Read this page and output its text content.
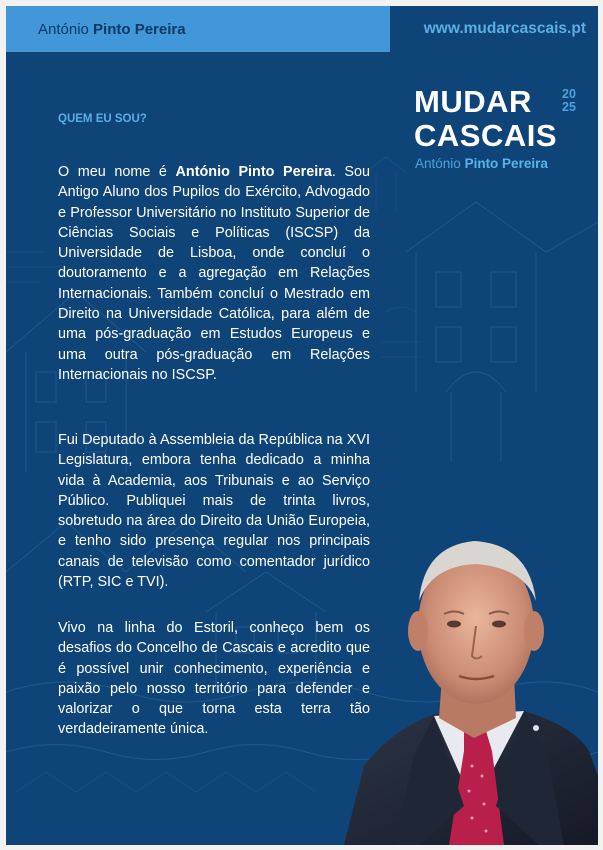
António Pinto Pereira	www.mudarcascais.pt
MUDAR 20
25
CASCAIS
António Pinto Pereira
QUEM EU SOU?

O meu nome é António Pinto Pereira. Sou Antigo Aluno dos Pupilos do Exército, Advogado e Professor Universitário no Instituto Superior de Ciências Sociais e Políticas (ISCSP) da Universidade de Lisboa, onde concluí o doutoramento e a agregação em Relações Internacionais. Também concluí o Mestrado em Direito na Universidade Católica, para além de uma pós-graduação em Estudos Europeus e uma outra pós-graduação em Relações Internacionais no ISCSP.

Fui Deputado à Assembleia da República na XVI Legislatura, embora tenha dedicado a minha vida à Academia, aos Tribunais e ao Serviço Público. Publiquei mais de trinta livros, sobretudo na área do Direito da União Europeia, e tenho sido presença regular nos principais canais de televisão como comentador jurídico (RTP, SIC e TVI).

Vivo na linha do Estoril, conheço bem os desafios do Concelho de Cascais e acredito que é possível unir conhecimento, experiência e paixão pelo nosso território para defender e valorizar o que torna esta terra tão verdadeiramente única.
